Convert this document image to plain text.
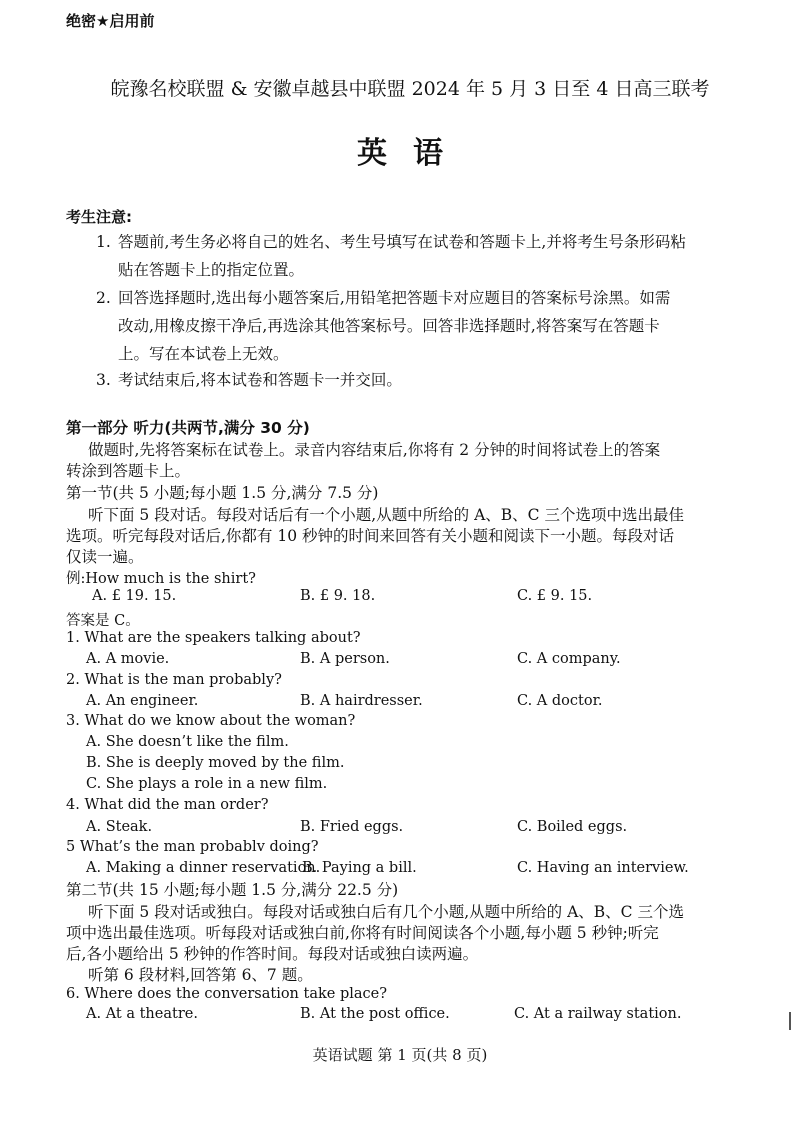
绝密★启用前
皖豫名校联盟 & 安徽卓越县中联盟 2024 年 5 月 3 日至 4 日高三联考
英语
考生注意:
1. 答题前,考生务必将自己的姓名、考生号填写在试卷和答题卡上,并将考生号条形码粘
贴在答题卡上的指定位置。
2. 回答选择题时,选出每小题答案后,用铅笔把答题卡对应题目的答案标号涂黑。如需
改动,用橡皮擦干净后,再选涂其他答案标号。回答非选择题时,将答案写在答题卡
上。写在本试卷上无效。
3. 考试结束后,将本试卷和答题卡一并交回。
第一部分 听力(共两节,满分 30 分)
做题时,先将答案标在试卷上。录音内容结束后,你将有 2 分钟的时间将试卷上的答案
转涂到答题卡上。
第一节(共 5 小题;每小题 1.5 分,满分 7.5 分)
听下面 5 段对话。每段对话后有一个小题,从题中所给的 A、B、C 三个选项中选出最佳
选项。听完每段对话后,你都有 10 秒钟的时间来回答有关小题和阅读下一小题。每段对话
仅读一遍。
例:How much is the shirt?
A. £ 19. 15.	B. £ 9. 18.	C. £ 9. 15.
答案是 C。
1. What are the speakers talking about?
A. A movie.	B. A person.	C. A company.
2. What is the man probably?
A. An engineer.	B. A hairdresser.	C. A doctor.
3. What do we know about the woman?
A. She doesn’t like the film.
B. She is deeply moved by the film.
C. She plays a role in a new film.
4. What did the man order?
A. Steak.	B. Fried eggs.	C. Boiled eggs.
5 What’s the man probablv doing?
A. Making a dinner reservation.
B. Paying a bill.	C. Having an interview.
第二节(共 15 小题;每小题 1.5 分,满分 22.5 分)
听下面 5 段对话或独白。每段对话或独白后有几个小题,从题中所给的 A、B、C 三个选
项中选出最佳选项。听每段对话或独白前,你将有时间阅读各个小题,每小题 5 秒钟;听完
后,各小题给出 5 秒钟的作答时间。每段对话或独白读两遍。
听第 6 段材料,回答第 6、7 题。
6. Where does the conversation take place?
A. At a theatre.	B. At the post office.	C. At a railway station.
英语试题 第 1 页(共 8 页)
